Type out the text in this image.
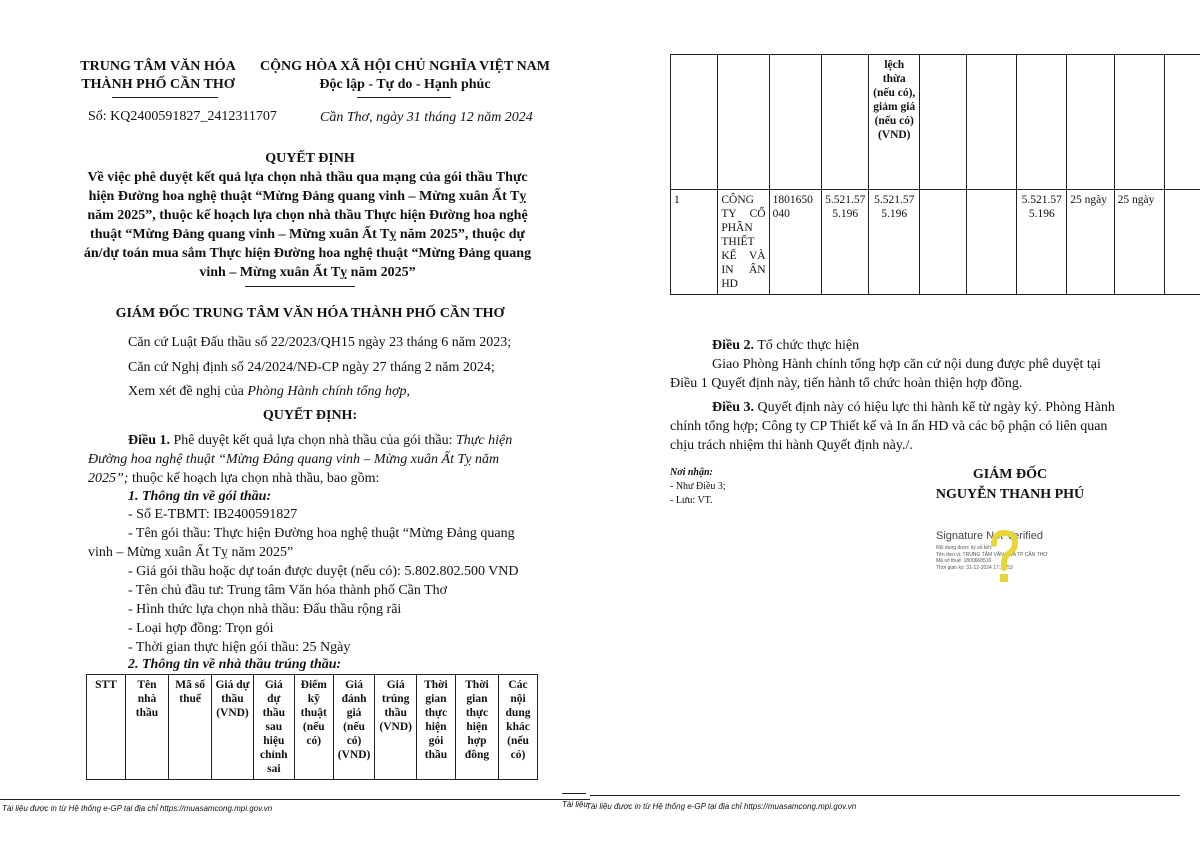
TRUNG TÂM VĂN HÓA
THÀNH PHỐ CẦN THƠ
CỘNG HÒA XÃ HỘI CHỦ NGHĨA VIỆT NAM
Độc lập - Tự do - Hạnh phúc
Số: KQ2400591827_2412311707	Cần Thơ, ngày 31 tháng 12 năm 2024
QUYẾT ĐỊNH
Về việc phê duyệt kết quả lựa chọn nhà thầu qua mạng của gói thầu Thực
hiện Đường hoa nghệ thuật “Mừng Đảng quang vinh – Mừng xuân Ất Tỵ
năm 2025”, thuộc kế hoạch lựa chọn nhà thầu Thực hiện Đường hoa nghệ
thuật “Mừng Đảng quang vinh – Mừng xuân Ất Tỵ năm 2025”, thuộc dự
án/dự toán mua sắm Thực hiện Đường hoa nghệ thuật “Mừng Đảng quang
vinh – Mừng xuân Ất Tỵ năm 2025”
GIÁM ĐỐC TRUNG TÂM VĂN HÓA THÀNH PHỐ CẦN THƠ
Căn cứ Luật Đấu thầu số 22/2023/QH15 ngày 23 tháng 6 năm 2023;
Căn cứ Nghị định số 24/2024/NĐ-CP ngày 27 tháng 2 năm 2024;
Xem xét đề nghị của Phòng Hành chính tổng hợp,
QUYẾT ĐỊNH:
Điều 1. Phê duyệt kết quả lựa chọn nhà thầu của gói thầu: Thực hiện
Đường hoa nghệ thuật “Mừng Đảng quang vinh – Mừng xuân Ất Tỵ năm
2025”; thuộc kế hoạch lựa chọn nhà thầu, bao gồm:
1. Thông tin về gói thầu:
- Số E-TBMT: IB2400591827
- Tên gói thầu: Thực hiện Đường hoa nghệ thuật “Mừng Đảng quang
vinh – Mừng xuân Ất Tỵ năm 2025”
- Giá gói thầu hoặc dự toán được duyệt (nếu có): 5.802.802.500 VND
- Tên chủ đầu tư: Trung tâm Văn hóa thành phố Cần Thơ
- Hình thức lựa chọn nhà thầu: Đấu thầu rộng rãi
- Loại hợp đồng: Trọn gói
- Thời gian thực hiện gói thầu: 25 Ngày
2. Thông tin về nhà thầu trúng thầu:
STT	Tên nhà thầu	Mã số thuế	Giá dự thầu (VND)	Giá dự thầu sau hiệu chỉnh sai	Điểm kỹ thuật (nếu có)	Giá đánh giá (nếu có) (VND)	Giá trúng thầu (VND)	Thời gian thực hiện gói thầu	Thời gian thực hiện hợp đồng	Các nội dung khác (nếu có)
Tài liệu được in từ Hệ thống e-GP tại địa chỉ https://muasamcong.mpi.gov.vn
				lệch thừa (nếu có), giảm giá (nếu có) (VND)						
1	CÔNG TY CỔ PHẦN THIẾT KẾ VÀ IN ẤN HD	1801650040	5.521.575.196	5.521.575.196			5.521.575.196	25 ngày	25 ngày	
Điều 2. Tổ chức thực hiện
Giao Phòng Hành chính tổng hợp căn cứ nội dung được phê duyệt tại
Điều 1 Quyết định này, tiến hành tổ chức hoàn thiện hợp đồng.
Điều 3. Quyết định này có hiệu lực thi hành kể từ ngày ký. Phòng Hành
chính tổng hợp; Công ty CP Thiết kế và In ấn HD và các bộ phận có liên quan
chịu trách nhiệm thi hành Quyết định này./.
Nơi nhận:
- Như Điều 3;
- Lưu: VT.
GIÁM ĐỐC
NGUYỄN THANH PHÚ
Signature Not Verified
Nội dung được ký số bởi:
Tên đơn vị: TRUNG TÂM VĂN HÓA TP CẦN THƠ
Mã số thuế: 1800668510
Thời gian ký: 31-12-2024 17:16:53
Tài liệu
Tài liệu được in từ Hệ thống e-GP tại địa chỉ https://muasamcong.mpi.gov.vn
